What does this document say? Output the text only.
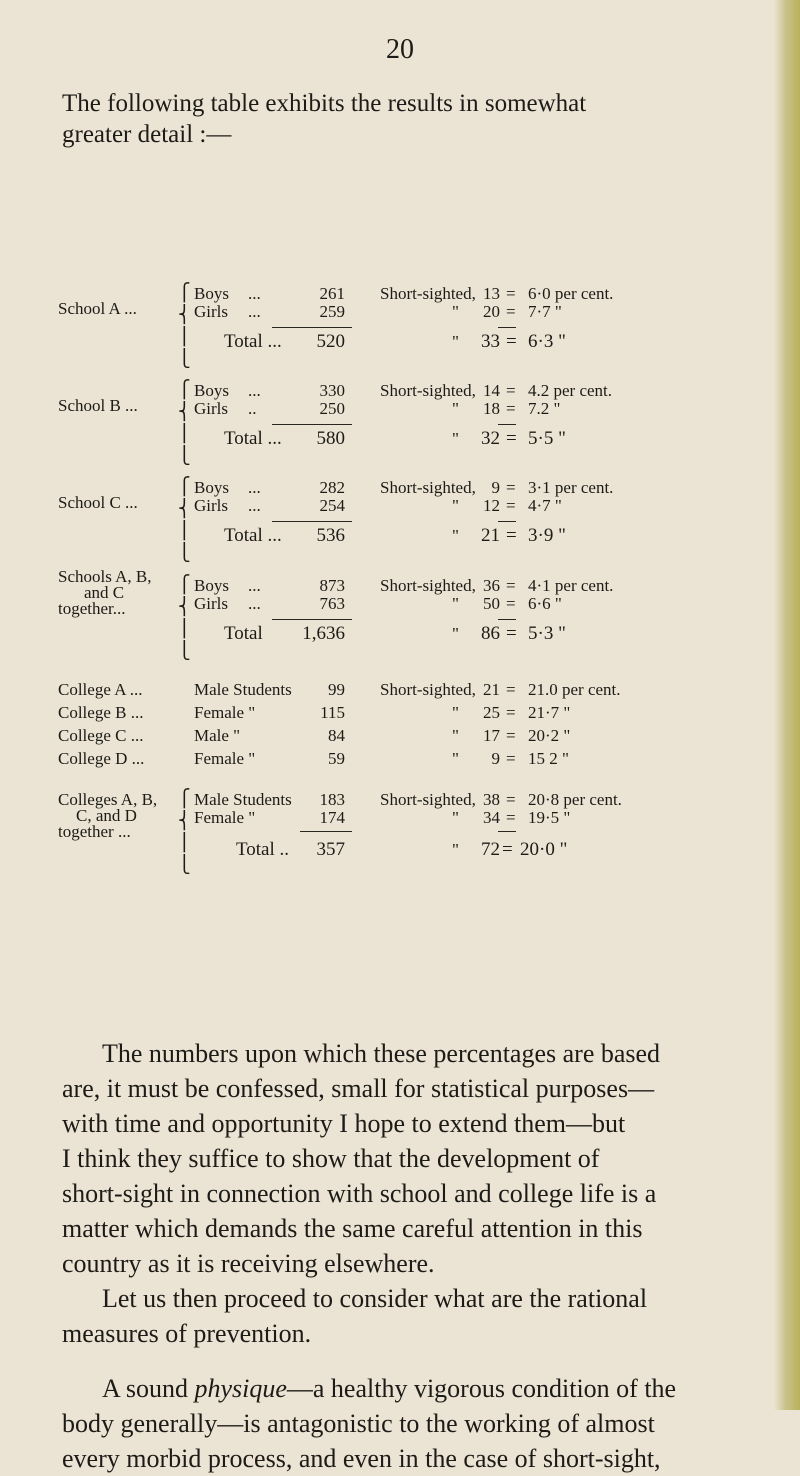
20
The following table exhibits the results in somewhat
greater detail :—
School A ...
⎧
⎨
⎪
⎩
Boys ...	261 Short-sighted, 13 = 6·0 per cent.
Girls ...	259	"	20 = 7·7 "
Total ...	520	"	33 = 6·3 "
School B ...
⎧
⎨
⎪
⎩
Boys ...	330 Short-sighted, 14 = 4.2 per cent.
Girls ..	250	"	18 = 7.2 "
Total ...	580	"	32 = 5·5 "
School C ...
⎧
⎨
⎪
⎩
Boys ...	282 Short-sighted, 9 = 3·1 per cent.
Girls ...	254	"	12 = 4·7 "
Total ...	536	"	21 = 3·9 "
Schools A, B,
and C
together...
⎧
⎨
⎪
⎩
Boys ...	873 Short-sighted, 36 = 4·1 per cent.
Girls ...	763	"	50 = 6·6 "
Total	1,636	"	86 = 5·3 "
College A ...	Male Students	99 Short-sighted, 21 = 21.0 per cent.
College B ...	Female "	115	"	25 = 21·7 "
College C ...	Male "	84	"	17 = 20·2 "
College D ...	Female "	59	"	9 = 15 2 "
Colleges A, B,
C, and D
together ...
⎧
⎨
⎪
⎩
Male Students	183 Short-sighted, 38 = 20·8 per cent.
Female "	174	"	34 = 19·5 "
Total ..	357	"	72 = 20·0 "

The numbers upon which these percentages are based
are, it must be confessed, small for statistical purposes—
with time and opportunity I hope to extend them—but
I think they suffice to show that the development of
short-sight in connection with school and college life is a
matter which demands the same careful attention in this
country as it is receiving elsewhere.

Let us then proceed to consider what are the rational
measures of prevention.

A sound physique—a healthy vigorous condition of the
body generally—is antagonistic to the working of almost
every morbid process, and even in the case of short-sight,
